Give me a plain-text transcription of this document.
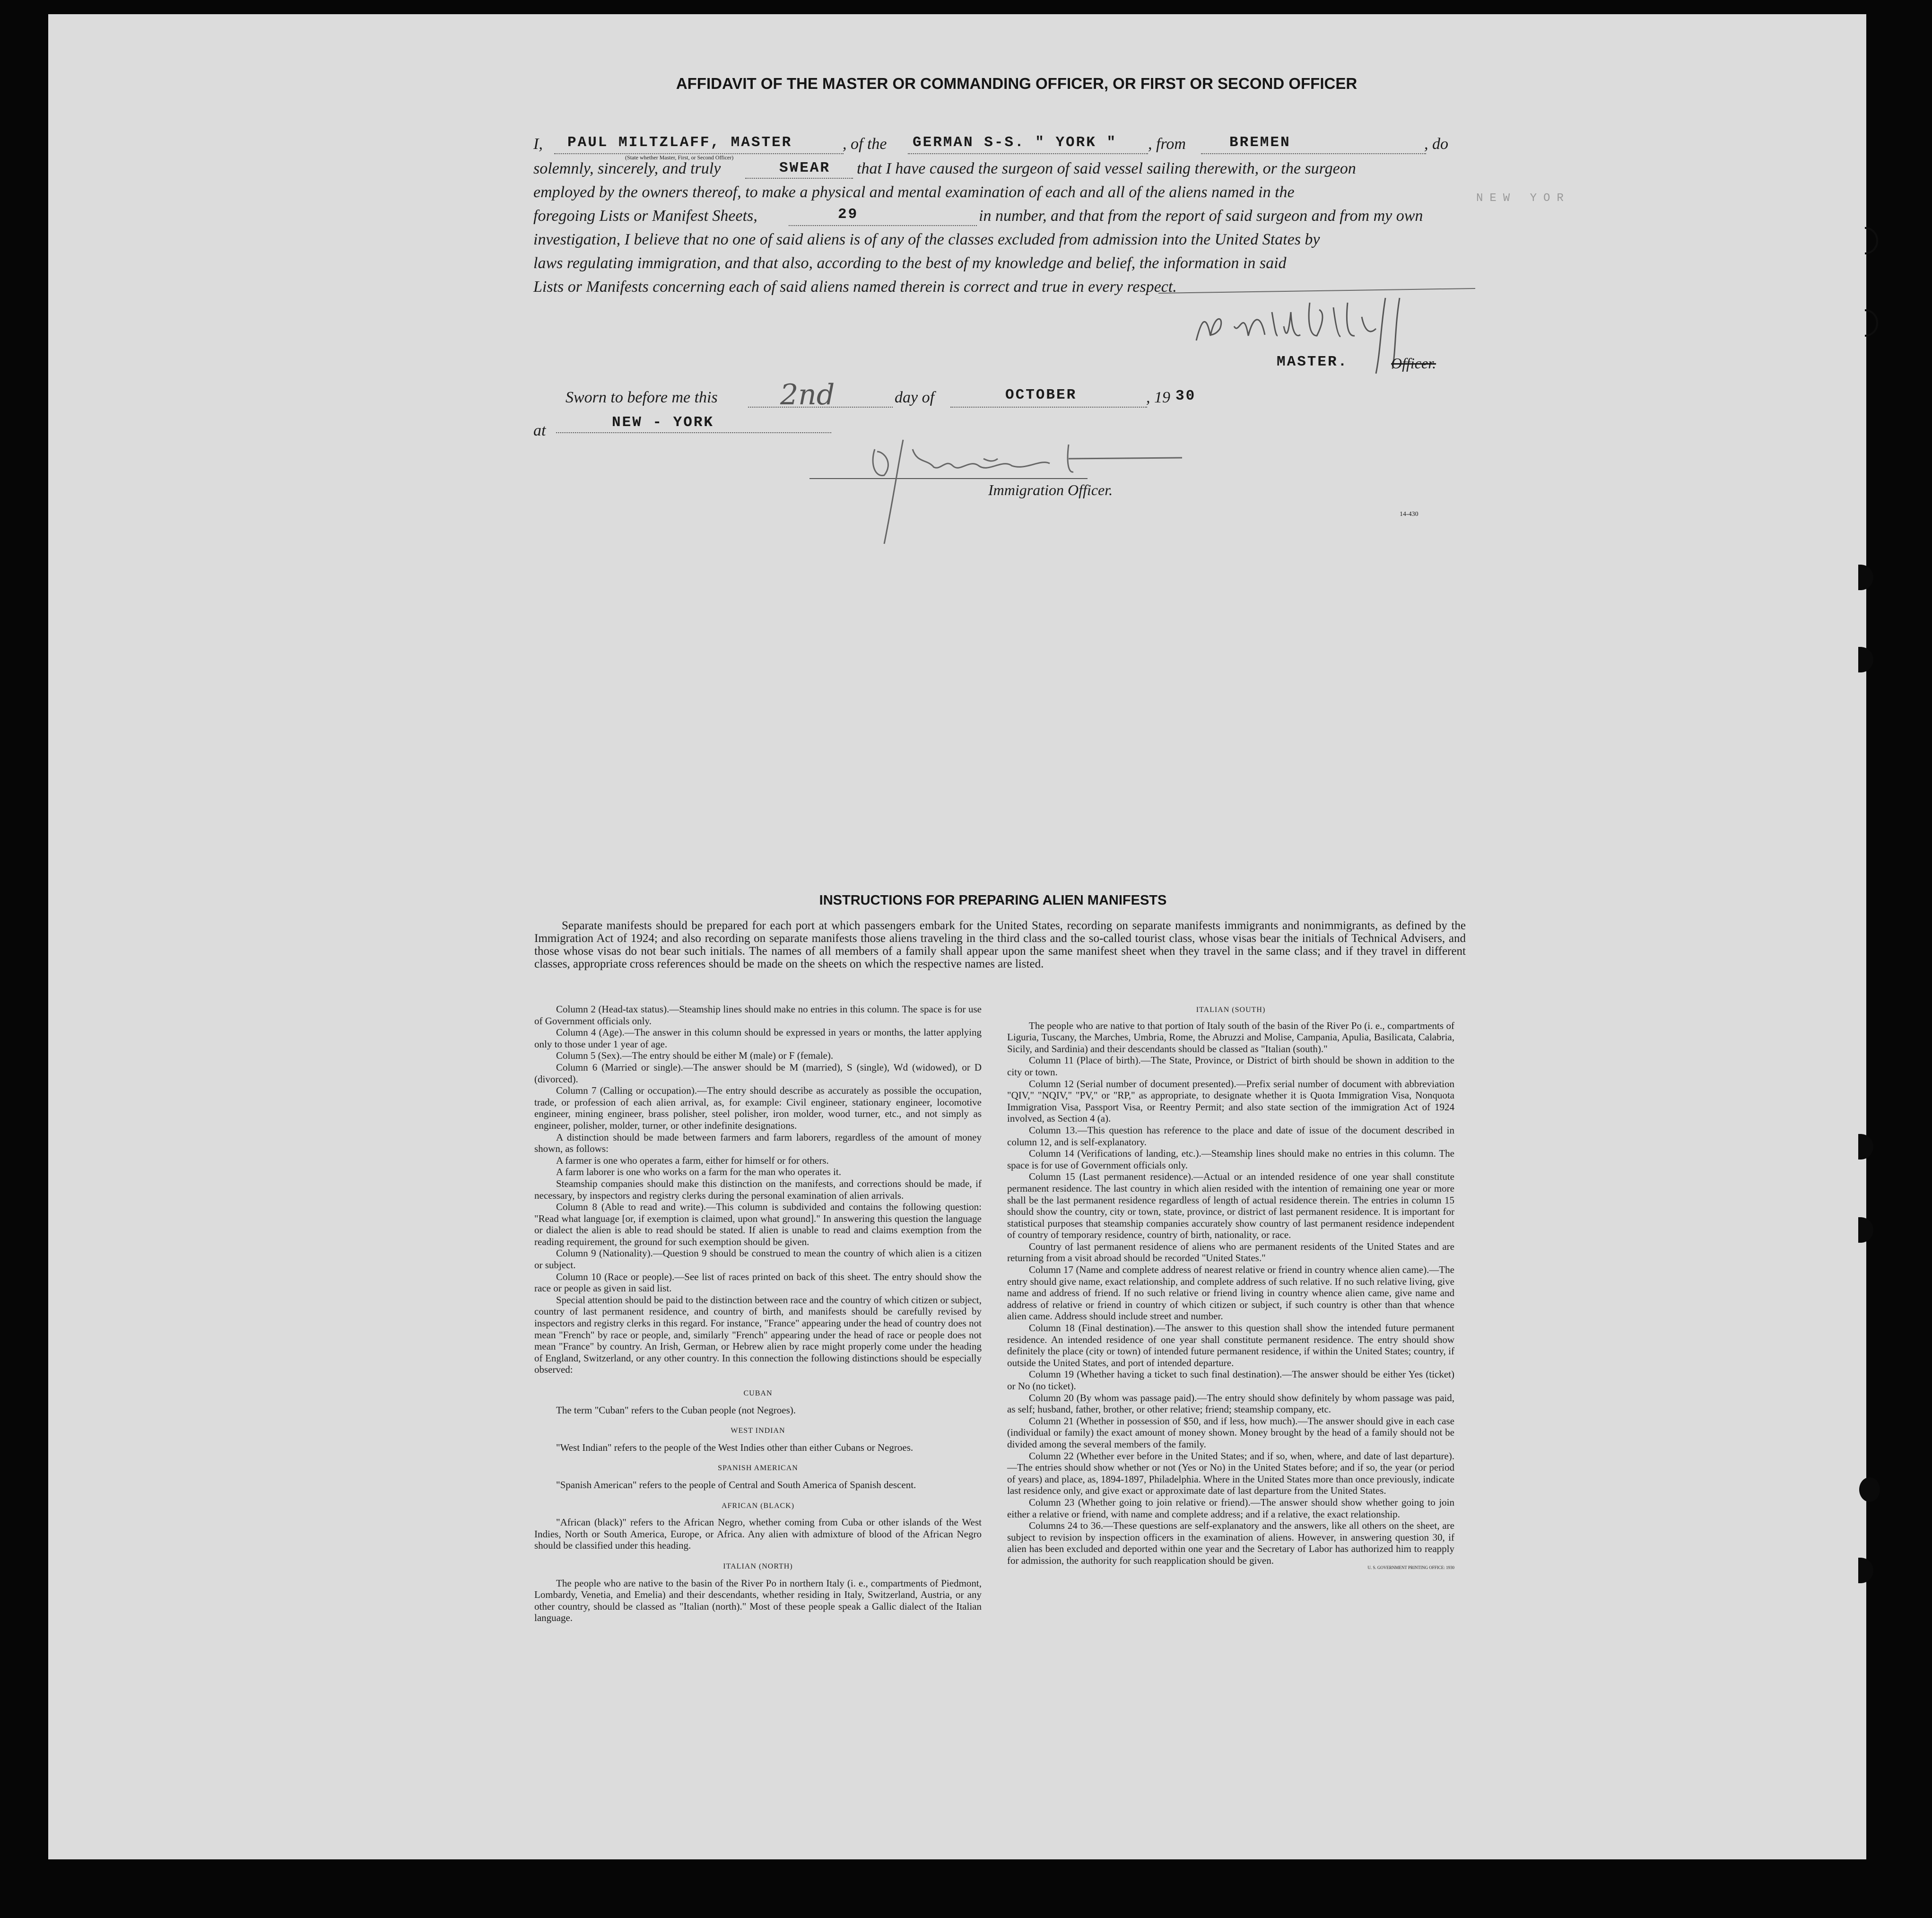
AFFIDAVIT OF THE MASTER OR COMMANDING OFFICER, OR FIRST OR SECOND OFFICER
I, PAUL MILTZLAFF, MASTER	, of the GERMAN S-S. " YORK " , from	BREMEN	, do
(State whether Master, First, or Second Officer)
solemnly, sincerely, and truly	SWEAR that I have caused the surgeon of said vessel sailing therewith, or the surgeon
employed by the owners thereof, to make a physical and mental examination of each and all of the aliens named in the
foregoing Lists or Manifest Sheets,	29	in number, and that from the report of said surgeon and from my own
investigation, I believe that no one of said aliens is of any of the classes excluded from admission into the United States by
laws regulating immigration, and that also, according to the best of my knowledge and belief, the information in said
Lists or Manifests concerning each of said aliens named therein is correct and true in every respect.
MASTER.	Officer.
Sworn to before me this 2nd	day of	OCTOBER	, 19 30
at	NEW - YORK
Immigration Officer.
14-430
INSTRUCTIONS FOR PREPARING ALIEN MANIFESTS
Separate manifests should be prepared for each port at which passengers embark for the United States, recording on separate manifests immigrants and nonimmigrants, as defined by the Immigration Act of 1924; and also recording on separate manifests those aliens traveling in the third class and the so-called tourist class, whose visas bear the initials of Technical Advisers, and those whose visas do not bear such initials. The names of all members of a family shall appear upon the same manifest sheet when they travel in the same class; and if they travel in different classes, appropriate cross references should be made on the sheets on which the respective names are listed.
Column 2 (Head-tax status).—Steamship lines should make no entries in this column. The space is for use of Government officials only.
Column 4 (Age).—The answer in this column should be expressed in years or months, the latter applying only to those under 1 year of age.
Column 5 (Sex).—The entry should be either M (male) or F (female).
Column 6 (Married or single).—The answer should be M (married), S (single), Wd (widowed), or D (divorced).
Column 7 (Calling or occupation).—The entry should describe as accurately as possible the occupation, trade, or profession of each alien arrival, as, for example: Civil engineer, stationary engineer, locomotive engineer, mining engineer, brass polisher, steel polisher, iron molder, wood turner, etc., and not simply as engineer, polisher, molder, turner, or other indefinite designations.
A distinction should be made between farmers and farm laborers, regardless of the amount of money shown, as follows:
A farmer is one who operates a farm, either for himself or for others.
A farm laborer is one who works on a farm for the man who operates it.
Steamship companies should make this distinction on the manifests, and corrections should be made, if necessary, by inspectors and registry clerks during the personal examination of alien arrivals.
Column 8 (Able to read and write).—This column is subdivided and contains the following question: "Read what language [or, if exemption is claimed, upon what ground]." In answering this question the language or dialect the alien is able to read should be stated. If alien is unable to read and claims exemption from the reading requirement, the ground for such exemption should be given.
Column 9 (Nationality).—Question 9 should be construed to mean the country of which alien is a citizen or subject.
Column 10 (Race or people).—See list of races printed on back of this sheet. The entry should show the race or people as given in said list.
Special attention should be paid to the distinction between race and the country of which citizen or subject, country of last permanent residence, and country of birth, and manifests should be carefully revised by inspectors and registry clerks in this regard. For instance, "France" appearing under the head of country does not mean "French" by race or people, and, similarly "French" appearing under the head of race or people does not mean "France" by country. An Irish, German, or Hebrew alien by race might properly come under the heading of England, Switzerland, or any other country. In this connection the following distinctions should be especially observed:
CUBAN
The term "Cuban" refers to the Cuban people (not Negroes).
WEST INDIAN
"West Indian" refers to the people of the West Indies other than either Cubans or Negroes.
SPANISH AMERICAN
"Spanish American" refers to the people of Central and South America of Spanish descent.
AFRICAN (BLACK)
"African (black)" refers to the African Negro, whether coming from Cuba or other islands of the West Indies, North or South America, Europe, or Africa. Any alien with admixture of blood of the African Negro should be classified under this heading.
ITALIAN (NORTH)
The people who are native to the basin of the River Po in northern Italy (i. e., compartments of Piedmont, Lombardy, Venetia, and Emelia) and their descendants, whether residing in Italy, Switzerland, Austria, or any other country, should be classed as "Italian (north)." Most of these people speak a Gallic dialect of the Italian language.
ITALIAN (SOUTH)
The people who are native to that portion of Italy south of the basin of the River Po (i. e., compartments of Liguria, Tuscany, the Marches, Umbria, Rome, the Abruzzi and Molise, Campania, Apulia, Basilicata, Calabria, Sicily, and Sardinia) and their descendants should be classed as "Italian (south)."
Column 11 (Place of birth).—The State, Province, or District of birth should be shown in addition to the city or town.
Column 12 (Serial number of document presented).—Prefix serial number of document with abbreviation "QIV," "NQIV," "PV," or "RP," as appropriate, to designate whether it is Quota Immigration Visa, Nonquota Immigration Visa, Passport Visa, or Reentry Permit; and also state section of the immigration Act of 1924 involved, as Section 4 (a).
Column 13.—This question has reference to the place and date of issue of the document described in column 12, and is self-explanatory.
Column 14 (Verifications of landing, etc.).—Steamship lines should make no entries in this column. The space is for use of Government officials only.
Column 15 (Last permanent residence).—Actual or an intended residence of one year shall constitute permanent residence. The last country in which alien resided with the intention of remaining one year or more shall be the last permanent residence regardless of length of actual residence therein. The entries in column 15 should show the country, city or town, state, province, or district of last permanent residence. It is important for statistical purposes that steamship companies accurately show country of last permanent residence independent of country of temporary residence, country of birth, nationality, or race.
Country of last permanent residence of aliens who are permanent residents of the United States and are returning from a visit abroad should be recorded "United States."
Column 17 (Name and complete address of nearest relative or friend in country whence alien came).—The entry should give name, exact relationship, and complete address of such relative. If no such relative living, give name and address of friend. If no such relative or friend living in country whence alien came, give name and address of relative or friend in country of which citizen or subject, if such country is other than that whence alien came. Address should include street and number.
Column 18 (Final destination).—The answer to this question shall show the intended future permanent residence. An intended residence of one year shall constitute permanent residence. The entry should show definitely the place (city or town) of intended future permanent residence, if within the United States; country, if outside the United States, and port of intended departure.
Column 19 (Whether having a ticket to such final destination).—The answer should be either Yes (ticket) or No (no ticket).
Column 20 (By whom was passage paid).—The entry should show definitely by whom passage was paid, as self; husband, father, brother, or other relative; friend; steamship company, etc.
Column 21 (Whether in possession of $50, and if less, how much).—The answer should give in each case (individual or family) the exact amount of money shown. Money brought by the head of a family should not be divided among the several members of the family.
Column 22 (Whether ever before in the United States; and if so, when, where, and date of last departure).—The entries should show whether or not (Yes or No) in the United States before; and if so, the year (or period of years) and place, as, 1894-1897, Philadelphia. Where in the United States more than once previously, indicate last residence only, and give exact or approximate date of last departure from the United States.
Column 23 (Whether going to join relative or friend).—The answer should show whether going to join either a relative or friend, with name and complete address; and if a relative, the exact relationship.
Columns 24 to 36.—These questions are self-explanatory and the answers, like all others on the sheet, are subject to revision by inspection officers in the examination of aliens. However, in answering question 30, if alien has been excluded and deported within one year and the Secretary of Labor has authorized him to reapply for admission, the authority for such reapplication should be given.
U. S. GOVERNMENT PRINTING OFFICE: 1930
NEW YOR
